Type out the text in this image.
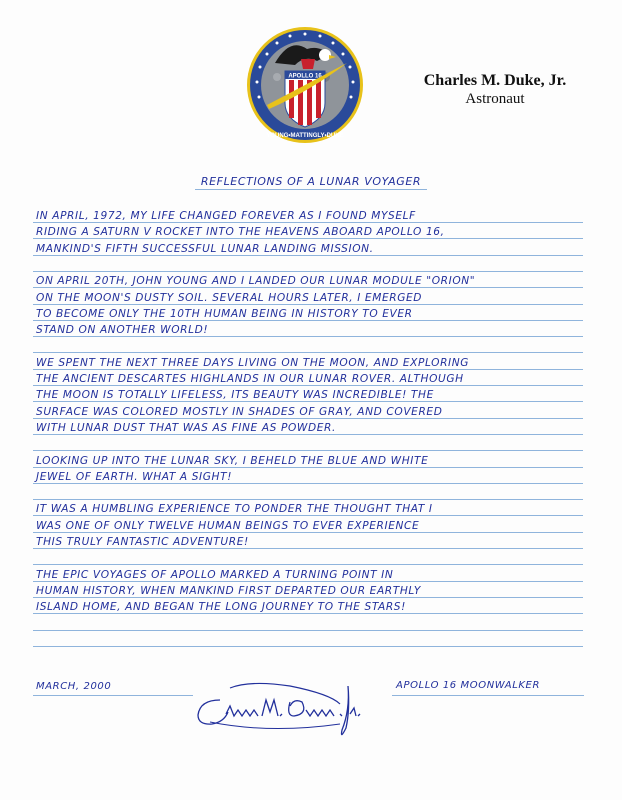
APOLLO 16
YOUNG•MATTINGLY•DUKE
Charles M. Duke, Jr.
Astronaut
REFLECTIONS OF A LUNAR VOYAGER
IN APRIL, 1972, MY LIFE CHANGED FOREVER AS I FOUND MYSELF
RIDING A SATURN V ROCKET INTO THE HEAVENS ABOARD APOLLO 16,
MANKIND'S FIFTH SUCCESSFUL LUNAR LANDING MISSION.
ON APRIL 20TH, JOHN YOUNG AND I LANDED OUR LUNAR MODULE "ORION"
ON THE MOON'S DUSTY SOIL. SEVERAL HOURS LATER, I EMERGED
TO BECOME ONLY THE 10TH HUMAN BEING IN HISTORY TO EVER
STAND ON ANOTHER WORLD!
WE SPENT THE NEXT THREE DAYS LIVING ON THE MOON, AND EXPLORING
THE ANCIENT DESCARTES HIGHLANDS IN OUR LUNAR ROVER. ALTHOUGH
THE MOON IS TOTALLY LIFELESS, ITS BEAUTY WAS INCREDIBLE! THE
SURFACE WAS COLORED MOSTLY IN SHADES OF GRAY, AND COVERED
WITH LUNAR DUST THAT WAS AS FINE AS POWDER.
LOOKING UP INTO THE LUNAR SKY, I BEHELD THE BLUE AND WHITE
JEWEL OF EARTH. WHAT A SIGHT!
IT WAS A HUMBLING EXPERIENCE TO PONDER THE THOUGHT THAT I
WAS ONE OF ONLY TWELVE HUMAN BEINGS TO EVER EXPERIENCE
THIS TRULY FANTASTIC ADVENTURE!
THE EPIC VOYAGES OF APOLLO MARKED A TURNING POINT IN
HUMAN HISTORY, WHEN MANKIND FIRST DEPARTED OUR EARTHLY
ISLAND HOME, AND BEGAN THE LONG JOURNEY TO THE STARS!
MARCH, 2000	APOLLO 16 MOONWALKER
